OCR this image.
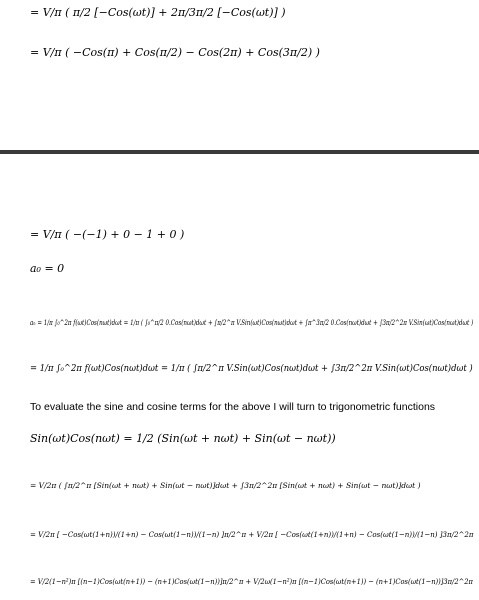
= V/π ( π/2 [−Cos(ωt)] + 2π/3π/2 [−Cos(ωt)] )
= V/π ( −Cos(π) + Cos(π/2) − Cos(2π) + Cos(3π/2) )
= V/π ( −(−1) + 0 − 1 + 0 )
a₀ = 0
aₙ = 1/π ∫₀^2π f(ωt)Cos(nωt)dωt = 1/π ( ∫₀^π/2 0.Cos(nωt)dωt + ∫π/2^π V.Sin(ωt)Cos(nωt)dωt + ∫π^3π/2 0.Cos(nωt)dωt + ∫3π/2^2π V.Sin(ωt)Cos(nωt)dωt )
= 1/π ∫₀^2π f(ωt)Cos(nωt)dωt = 1/π ( ∫π/2^π V.Sin(ωt)Cos(nωt)dωt + ∫3π/2^2π V.Sin(ωt)Cos(nωt)dωt )
To evaluate the sine and cosine terms for the above I will turn to trigonometric functions
Sin(ωt)Cos(nωt) = 1/2 (Sin(ωt + nωt) + Sin(ωt − nωt))
= V/2π ( ∫π/2^π [Sin(ωt + nωt) + Sin(ωt − nωt)]dωt + ∫3π/2^2π [Sin(ωt + nωt) + Sin(ωt − nωt)]dωt )
= V/2π [ −Cos(ωt(1+n))/(1+n) − Cos(ωt(1−n))/(1−n) ]π/2^π + V/2π [ −Cos(ωt(1+n))/(1+n) − Cos(ωt(1−n))/(1−n) ]3π/2^2π
= V/2(1−n²)π [(n−1)Cos(ωt(n+1)) − (n+1)Cos(ωt(1−n))]π/2^π + V/2ω(1−n²)π [(n−1)Cos(ωt(n+1)) − (n+1)Cos(ωt(1−n))]3π/2^2π
